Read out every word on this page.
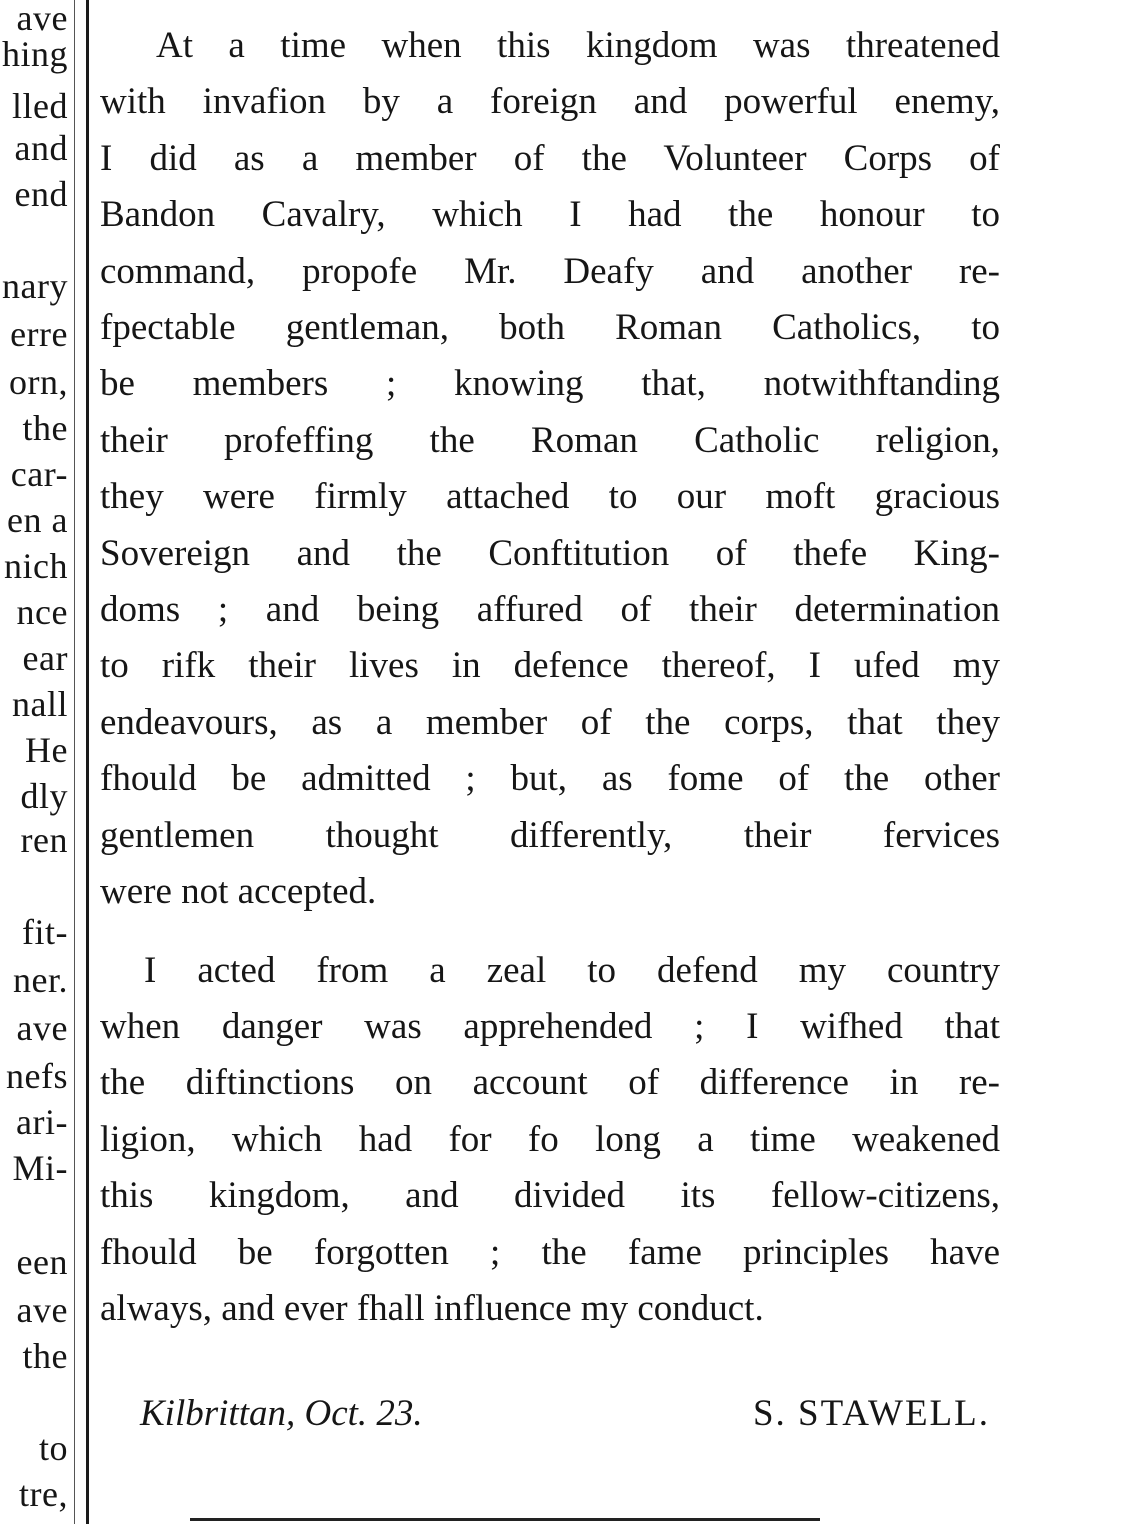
ave
hing
lled
and
end
nary
erre
orn,
the
car-
en a
nich
nce
ear
nall
He
dly
ren
fit-
ner.
ave
nefs
ari-
Mi-
een
ave
the
to
tre,

At a time when this kingdom was threatened
with invafion by a foreign and powerful enemy,
I did as a member of the Volunteer Corps of
Bandon Cavalry, which I had the honour to
command, propofe Mr. Deafy and another re-
fpectable gentleman, both Roman Catholics, to
be members ; knowing that, notwithftanding
their profeffing the Roman Catholic religion,
they were firmly attached to our moft gracious
Sovereign and the Conftitution of thefe King-
doms ; and being affured of their determination
to rifk their lives in defence thereof, I ufed my
endeavours, as a member of the corps, that they
fhould be admitted ; but, as fome of the other
gentlemen thought differently, their fervices
were not accepted.

I acted from a zeal to defend my country
when danger was apprehended ; I wifhed that
the diftinctions on account of difference in re-
ligion, which had for fo long a time weakened
this kingdom, and divided its fellow-citizens,
fhould be forgotten ; the fame principles have
always, and ever fhall influence my conduct.

Kilbrittan, Oct. 23.	S. STAWELL.
